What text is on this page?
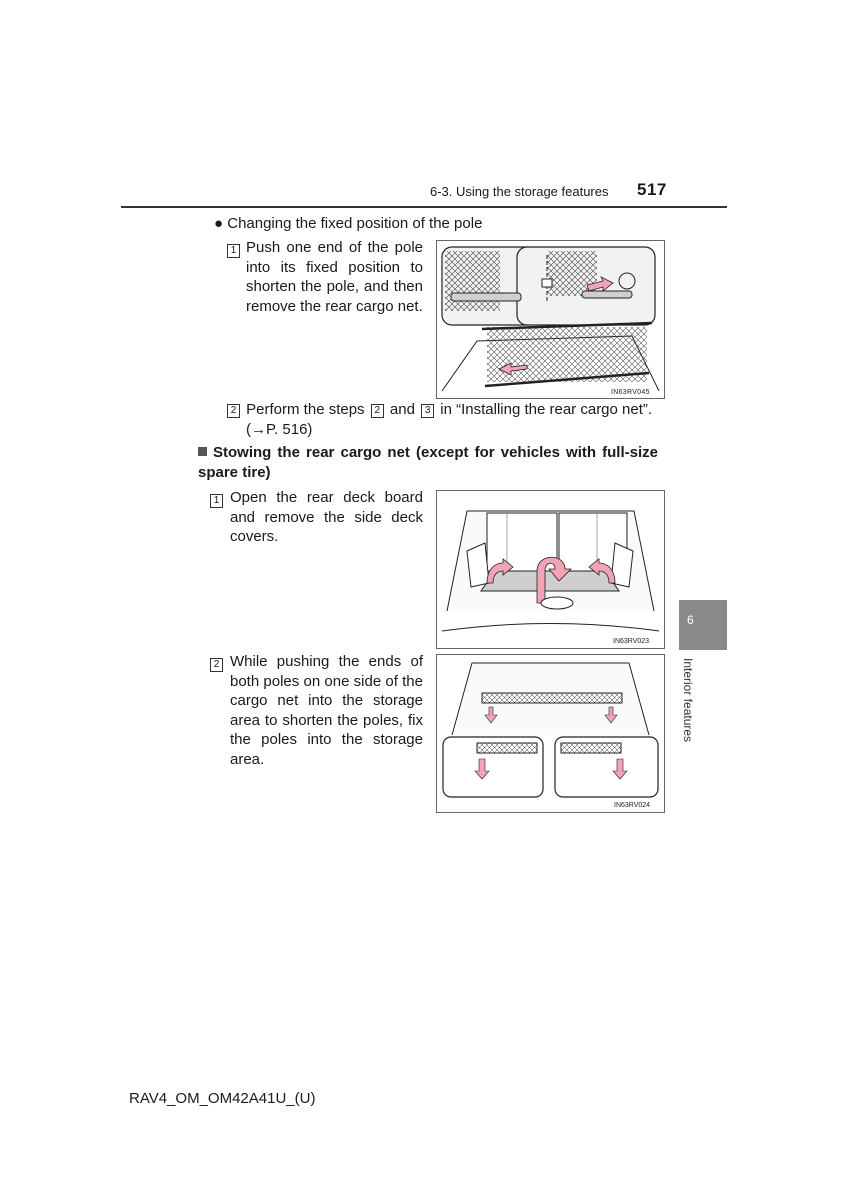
6-3. Using the storage features 517
● Changing the fixed position of the pole
1 Push one end of the pole into its fixed position to shorten the pole, and then remove the rear cargo net.
IN63RV045
2 Perform the steps 2 and 3 in “Installing the rear cargo net”.
(→P. 516)
Stowing the rear cargo net (except for vehicles with full-size spare tire)
1 Open the rear deck board and remove the side deck covers.
IN63RV023
2 While pushing the ends of both poles on one side of the cargo net into the storage area to shorten the poles, fix the poles into the storage area.
IN63RV024
6
Interior features
RAV4_OM_OM42A41U_(U)
